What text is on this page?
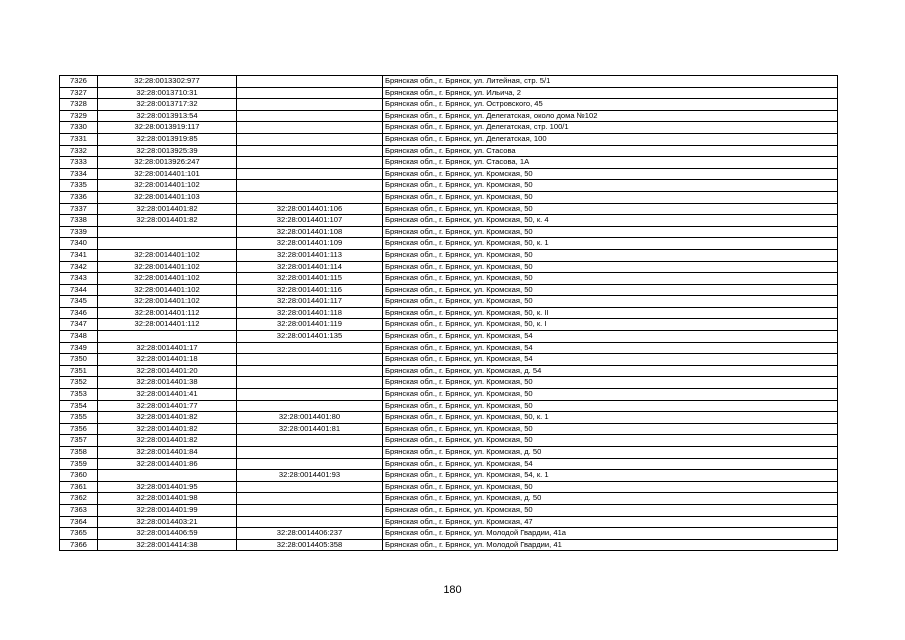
7326	32:28:0013302:977		Брянская обл., г. Брянск, ул. Литейная, стр. 5/1
7327	32:28:0013710:31		Брянская обл., г. Брянск, ул. Ильича, 2
7328	32:28:0013717:32		Брянская обл., г. Брянск, ул. Островского, 45
7329	32:28:0013913:54		Брянская обл., г. Брянск, ул. Делегатская, около дома №102
7330	32:28:0013919:117		Брянская обл., г. Брянск, ул. Делегатская, стр. 100/1
7331	32:28:0013919:85		Брянская обл., г. Брянск, ул. Делегатская, 100
7332	32:28:0013925:39		Брянская обл., г. Брянск, ул. Стасова
7333	32:28:0013926:247		Брянская обл., г. Брянск, ул. Стасова, 1А
7334	32:28:0014401:101		Брянская обл., г. Брянск, ул. Кромская, 50
7335	32:28:0014401:102		Брянская обл., г. Брянск, ул. Кромская, 50
7336	32:28:0014401:103		Брянская обл., г. Брянск, ул. Кромская, 50
7337	32:28:0014401:82	32:28:0014401:106	Брянская обл., г. Брянск, ул. Кромская, 50
7338	32:28:0014401:82	32:28:0014401:107	Брянская обл., г. Брянск, ул. Кромская, 50, к. 4
7339		32:28:0014401:108	Брянская обл., г. Брянск, ул. Кромская, 50
7340		32:28:0014401:109	Брянская обл., г. Брянск, ул. Кромская, 50, к. 1
7341	32:28:0014401:102	32:28:0014401:113	Брянская обл., г. Брянск, ул. Кромская, 50
7342	32:28:0014401:102	32:28:0014401:114	Брянская обл., г. Брянск, ул. Кромская, 50
7343	32:28:0014401:102	32:28:0014401:115	Брянская обл., г. Брянск, ул. Кромская, 50
7344	32:28:0014401:102	32:28:0014401:116	Брянская обл., г. Брянск, ул. Кромская, 50
7345	32:28:0014401:102	32:28:0014401:117	Брянская обл., г. Брянск, ул. Кромская, 50
7346	32:28:0014401:112	32:28:0014401:118	Брянская обл., г. Брянск, ул. Кромская, 50, к. II
7347	32:28:0014401:112	32:28:0014401:119	Брянская обл., г. Брянск, ул. Кромская, 50, к. I
7348		32:28:0014401:135	Брянская обл., г. Брянск, ул. Кромская, 54
7349	32:28:0014401:17		Брянская обл., г. Брянск, ул. Кромская, 54
7350	32:28:0014401:18		Брянская обл., г. Брянск, ул. Кромская, 54
7351	32:28:0014401:20		Брянская обл., г. Брянск, ул. Кромская, д. 54
7352	32:28:0014401:38		Брянская обл., г. Брянск, ул. Кромская, 50
7353	32:28:0014401:41		Брянская обл., г. Брянск, ул. Кромская, 50
7354	32:28:0014401:77		Брянская обл., г. Брянск, ул. Кромская, 50
7355	32:28:0014401:82	32:28:0014401:80	Брянская обл., г. Брянск, ул. Кромская, 50, к. 1
7356	32:28:0014401:82	32:28:0014401:81	Брянская обл., г. Брянск, ул. Кромская, 50
7357	32:28:0014401:82		Брянская обл., г. Брянск, ул. Кромская, 50
7358	32:28:0014401:84		Брянская обл., г. Брянск, ул. Кромская, д. 50
7359	32:28:0014401:86		Брянская обл., г. Брянск, ул. Кромская, 54
7360		32:28:0014401:93	Брянская обл., г. Брянск, ул. Кромская, 54, к. 1
7361	32:28:0014401:95		Брянская обл., г. Брянск, ул. Кромская, 50
7362	32:28:0014401:98		Брянская обл., г. Брянск, ул. Кромская, д. 50
7363	32:28:0014401:99		Брянская обл., г. Брянск, ул. Кромская, 50
7364	32:28:0014403:21		Брянская обл., г. Брянск, ул. Кромская, 47
7365	32:28:0014406:59	32:28:0014406:237	Брянская обл., г. Брянск, ул. Молодой Гвардии, 41а
7366	32:28:0014414:38	32:28:0014405:358	Брянская обл., г. Брянск, ул. Молодой Гвардии, 41
180
